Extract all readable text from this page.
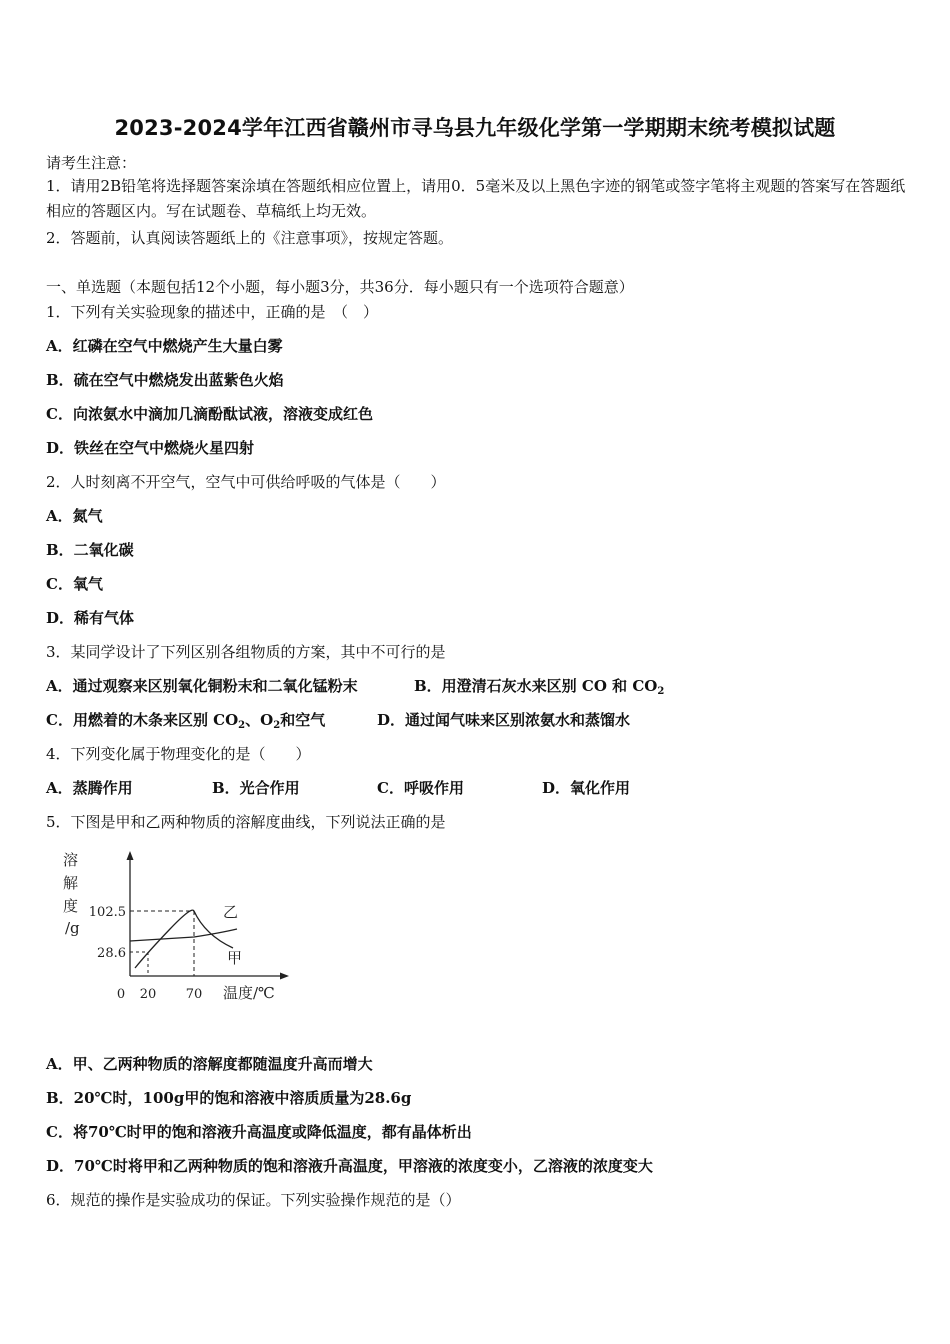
2023-2024学年江西省赣州市寻乌县九年级化学第一学期期末统考模拟试题
请考生注意：
1．请用2B铅笔将选择题答案涂填在答题纸相应位置上，请用0．5毫米及以上黑色字迹的钢笔或签字笔将主观题的答案写在答题纸相应的答题区内。写在试题卷、草稿纸上均无效。
2．答题前，认真阅读答题纸上的《注意事项》，按规定答题。
一、单选题（本题包括12个小题，每小题3分，共36分．每小题只有一个选项符合题意）
1．下列有关实验现象的描述中，正确的是　（　）
A．红磷在空气中燃烧产生大量白雾
B．硫在空气中燃烧发出蓝紫色火焰
C．向浓氨水中滴加几滴酚酞试液，溶液变成红色
D．铁丝在空气中燃烧火星四射
2．人时刻离不开空气，空气中可供给呼吸的气体是（　　）
A．氮气
B．二氧化碳
C．氧气
D．稀有气体
3．某同学设计了下列区别各组物质的方案，其中不可行的是
A．通过观察来区别氧化铜粉末和二氧化锰粉末	B．用澄清石灰水来区别 CO 和 $CO_2$
C．用燃着的木条来区别 $CO_2$、$O_2$和空气	D．通过闻气味来区别浓氨水和蒸馏水
4．下列变化属于物理变化的是（　　）
A．蒸腾作用	B．光合作用	C．呼吸作用	D．氧化作用
5．下图是甲和乙两种物质的溶解度曲线，下列说法正确的是
溶
解
度
/g
102.5
28.6
0 20 70 温度/℃
乙
甲
A．甲、乙两种物质的溶解度都随温度升高而增大
B．20℃时，100g甲的饱和溶液中溶质质量为28.6g
C．将70℃时甲的饱和溶液升高温度或降低温度，都有晶体析出
D．70℃时将甲和乙两种物质的饱和溶液升高温度，甲溶液的浓度变小，乙溶液的浓度变大
6．规范的操作是实验成功的保证。下列实验操作规范的是（）
